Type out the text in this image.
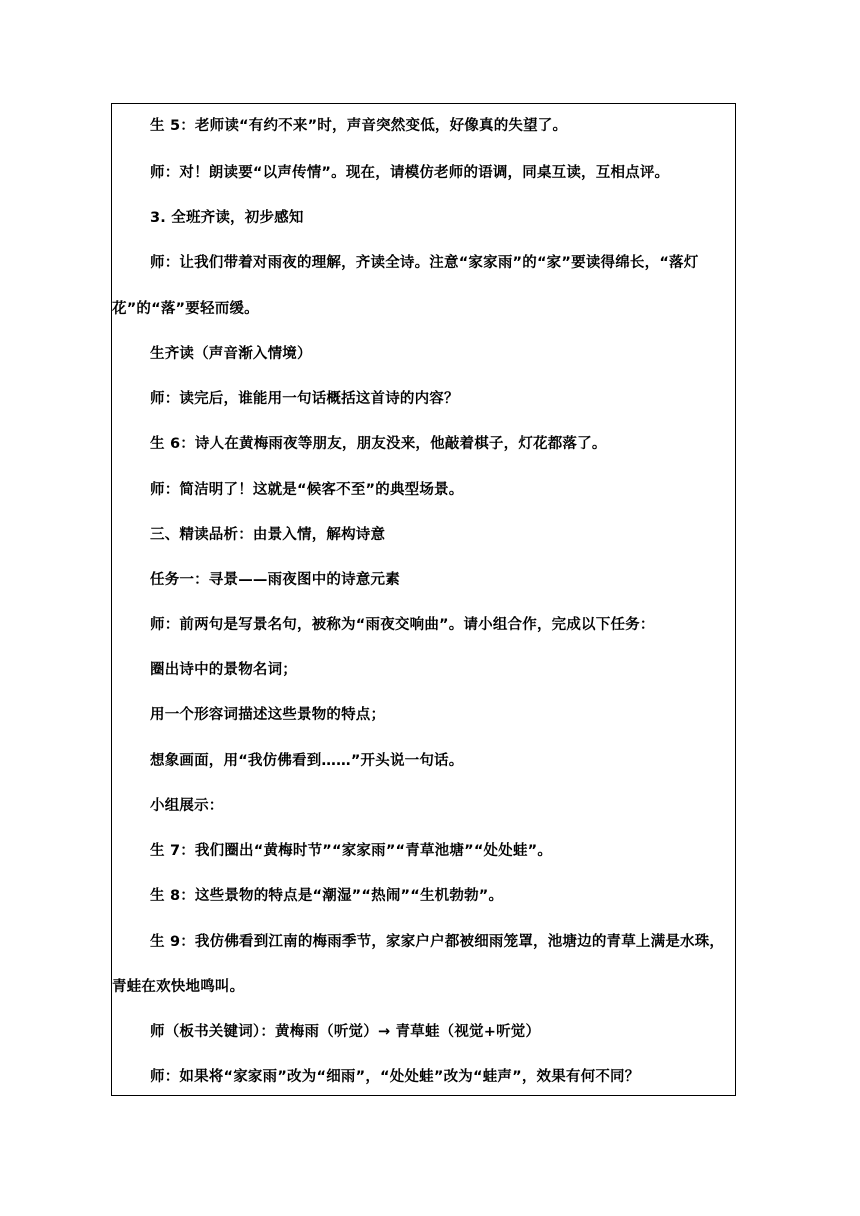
生 5：老师读“有约不来”时，声音突然变低，好像真的失望了。

师：对！朗读要“以声传情”。现在，请模仿老师的语调，同桌互读，互相点评。

3. 全班齐读，初步感知

师：让我们带着对雨夜的理解，齐读全诗。注意“家家雨”的“家”要读得绵长，“落灯

花”的“落”要轻而缓。

生齐读（声音渐入情境）

师：读完后，谁能用一句话概括这首诗的内容？

生 6：诗人在黄梅雨夜等朋友，朋友没来，他敲着棋子，灯花都落了。

师：简洁明了！这就是“候客不至”的典型场景。

三、精读品析：由景入情，解构诗意

任务一：寻景——雨夜图中的诗意元素

师：前两句是写景名句，被称为“雨夜交响曲”。请小组合作，完成以下任务：

圈出诗中的景物名词；

用一个形容词描述这些景物的特点；

想象画面，用“我仿佛看到……”开头说一句话。

小组展示：

生 7：我们圈出“黄梅时节”“家家雨”“青草池塘”“处处蛙”。

生 8：这些景物的特点是“潮湿”“热闹”“生机勃勃”。

生 9：我仿佛看到江南的梅雨季节，家家户户都被细雨笼罩，池塘边的青草上满是水珠，

青蛙在欢快地鸣叫。

师（板书关键词）：黄梅雨（听觉）→ 青草蛙（视觉+听觉）

师：如果将“家家雨”改为“细雨”，“处处蛙”改为“蛙声”，效果有何不同？
